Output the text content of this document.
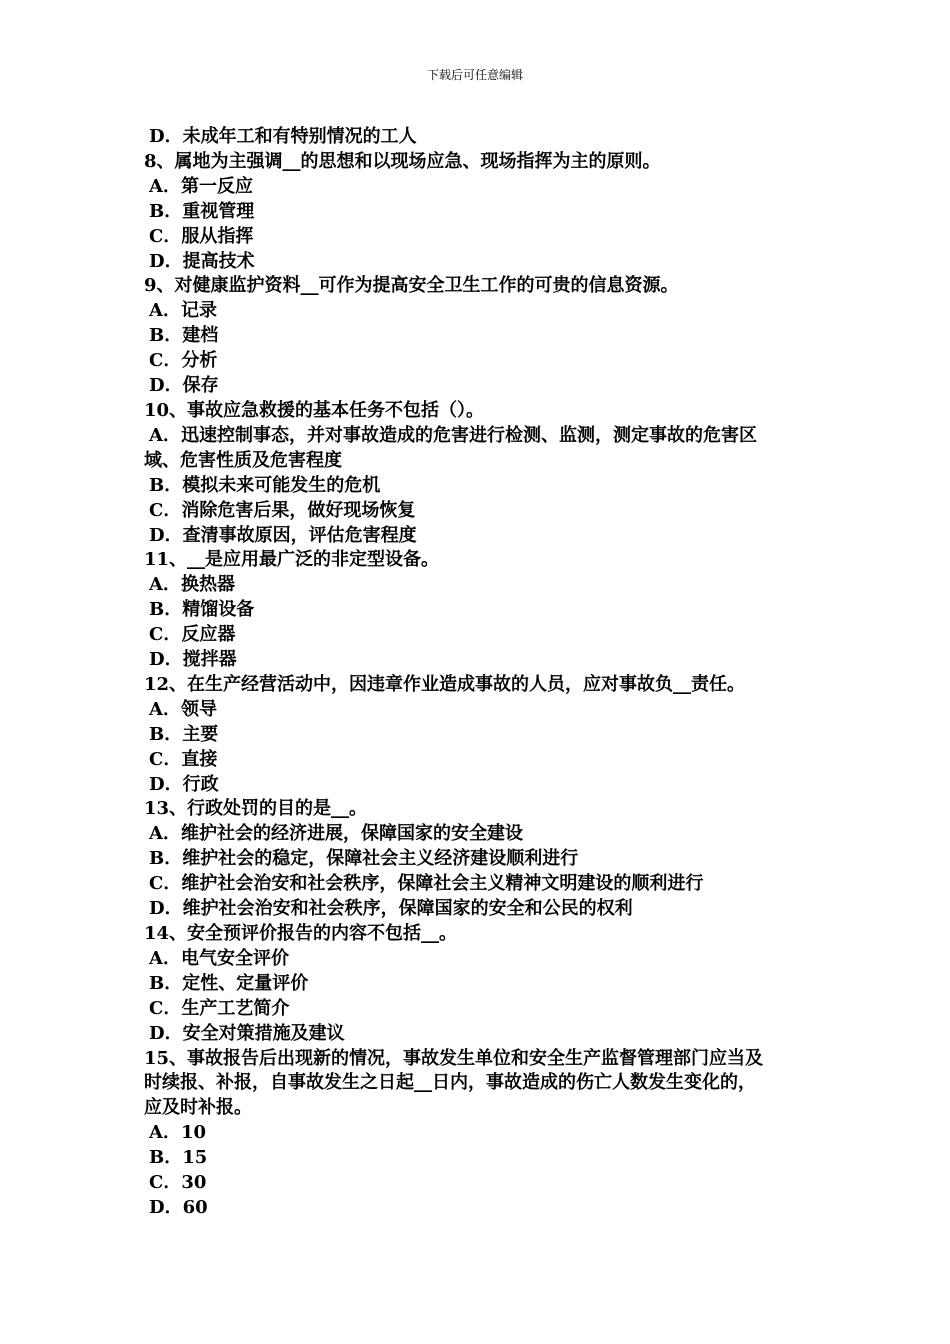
下载后可任意编辑
D．未成年工和有特别情况的工人
8、属地为主强调__的思想和以现场应急、现场指挥为主的原则。
A．第一反应
B．重视管理
C．服从指挥
D．提高技术
9、对健康监护资料__可作为提高安全卫生工作的可贵的信息资源。
A．记录
B．建档
C．分析
D．保存
10、事故应急救援的基本任务不包括（）。
A．迅速控制事态，并对事故造成的危害进行检测、监测，测定事故的危害区
域、危害性质及危害程度
B．模拟未来可能发生的危机
C．消除危害后果，做好现场恢复
D．查清事故原因，评估危害程度
11、__是应用最广泛的非定型设备。
A．换热器
B．精馏设备
C．反应器
D．搅拌器
12、在生产经营活动中，因违章作业造成事故的人员，应对事故负__责任。
A．领导
B．主要
C．直接
D．行政
13、行政处罚的目的是__。
A．维护社会的经济进展，保障国家的安全建设
B．维护社会的稳定，保障社会主义经济建设顺利进行
C．维护社会治安和社会秩序，保障社会主义精神文明建设的顺利进行
D．维护社会治安和社会秩序，保障国家的安全和公民的权利
14、安全预评价报告的内容不包括__。
A．电气安全评价
B．定性、定量评价
C．生产工艺简介
D．安全对策措施及建议
15、事故报告后出现新的情况，事故发生单位和安全生产监督管理部门应当及
时续报、补报，自事故发生之日起__日内，事故造成的伤亡人数发生变化的，
应及时补报。
A．10
B．15
C．30
D．60
